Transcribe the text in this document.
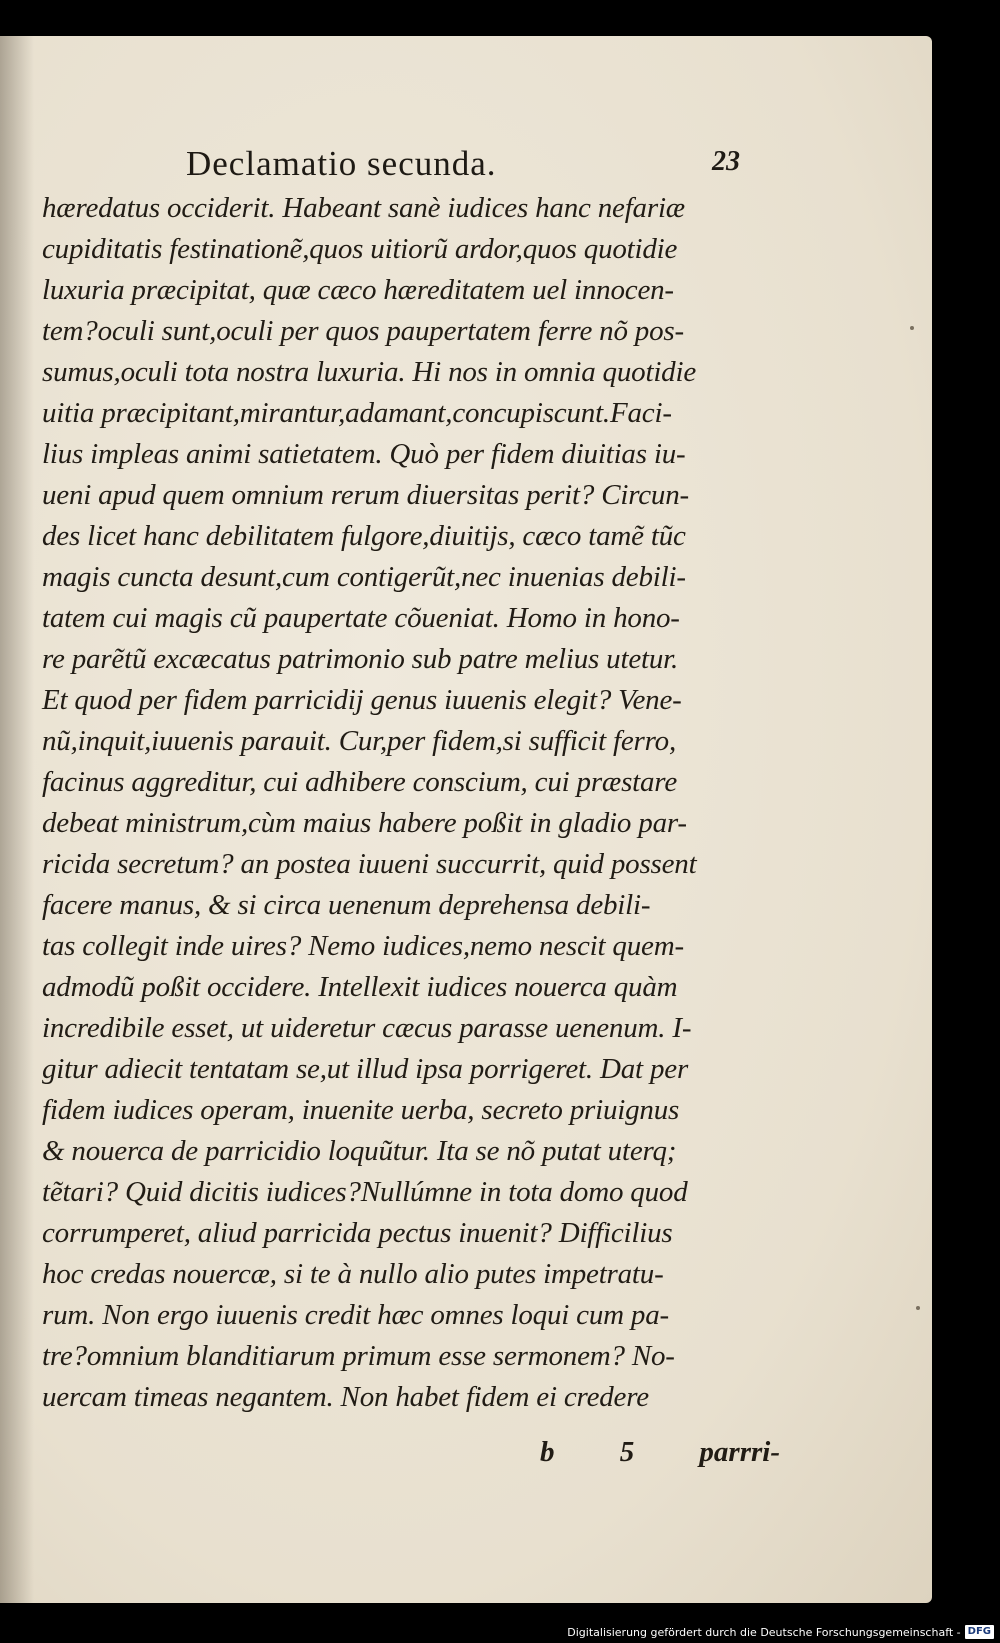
Declamatio secunda.	23
hæredatus occiderit. Habeant sanè iudices hanc nefariæ
cupiditatis festinationẽ,quos uitiorũ ardor,quos quotidie
luxuria præcipitat, quæ cæco hæreditatem uel innocen-
tem?oculi sunt,oculi per quos paupertatem ferre nõ pos-
sumus,oculi tota nostra luxuria. Hi nos in omnia quotidie
uitia præcipitant,mirantur,adamant,concupiscunt.Faci-
lius impleas animi satietatem. Quò per fidem diuitias iu-
ueni apud quem omnium rerum diuersitas perit? Circun-
des licet hanc debilitatem fulgore,diuitijs, cæco tamẽ tũc
magis cuncta desunt,cum contigerũt,nec inuenias debili-
tatem cui magis cũ paupertate cõueniat. Homo in hono-
re parẽtũ excæcatus patrimonio sub patre melius utetur.
Et quod per fidem parricidij genus iuuenis elegit? Vene-
nũ,inquit,iuuenis parauit. Cur,per fidem,si sufficit ferro,
facinus aggreditur, cui adhibere conscium, cui præstare
debeat ministrum,cùm maius habere poßit in gladio par-
ricida secretum? an postea iuueni succurrit, quid possent
facere manus, & si circa uenenum deprehensa debili-
tas collegit inde uires? Nemo iudices,nemo nescit quem-
admodũ poßit occidere. Intellexit iudices nouerca quàm
incredibile esset, ut uideretur cæcus parasse uenenum. I-
gitur adiecit tentatam se,ut illud ipsa porrigeret. Dat per
fidem iudices operam, inuenite uerba, secreto priuignus
& nouerca de parricidio loquũtur. Ita se nõ putat uterq;
tẽtari? Quid dicitis iudices?Nullúmne in tota domo quod
corrumperet, aliud parricida pectus inuenit? Difficilius
hoc credas nouercæ, si te à nullo alio putes impetratu-
rum. Non ergo iuuenis credit hæc omnes loqui cum pa-
tre?omnium blanditiarum primum esse sermonem? No-
uercam timeas negantem. Non habet fidem ei credere
b 5 parrri-
Digitalisierung gefördert durch die Deutsche Forschungsgemeinschaft - DFG
